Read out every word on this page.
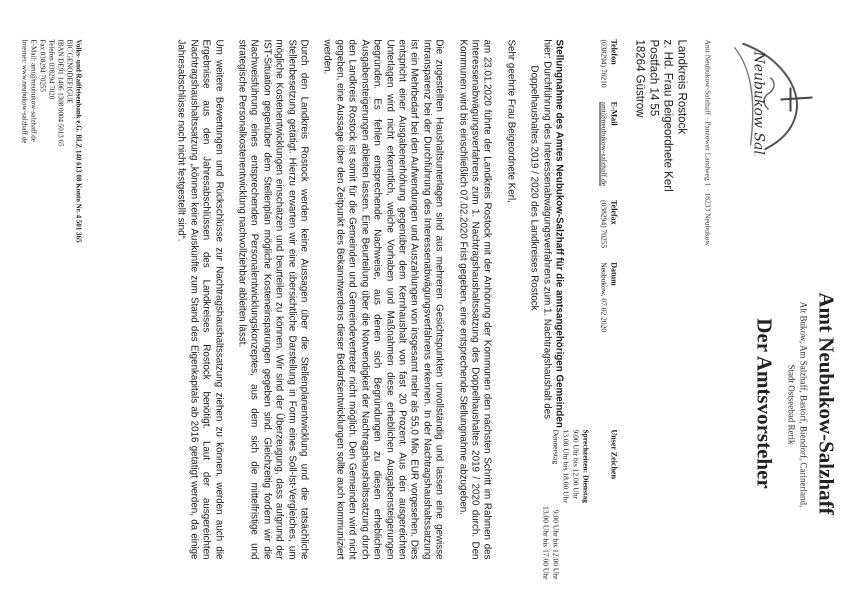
Neubukow Salzhaff
Amt Neubukow-Salzhaff
Alt Bukow, Am Salzhaff, Bastorf, Biendorf, Carinerland,
Stadt Ostseebad Rerik
Der Amtsvorsteher
Amt Neubukow-Salzhaff · Panzower Landweg 1 · 18233 Neubukow
Landkreis Rostock
z. Hd. Frau Beigeordnete Kerl
Postfach 14 55
18264 Güstrow
Telefon
(038294) 70210
E-Mail
amt@neubukow-salzhaff.de
Telefax
(038294) 70255
Datum
Neubukow, 07.02.2020
Unser Zeichen
Sprechzeiten: Dienstag
9.00 Uhr bis 12.00 Uhr
13.00 Uhr bis 18.00 Uhr
Donnerstag
9.00 Uhr bis 12.00 Uhr
13.00 Uhr bis 17.00 Uhr

Stellungnahme des Amtes Neubukow-Salzhaff für die amtsangehörigen Gemeinden
hier: Durchführung des Interessenabwägungsverfahrens zum 1. Nachtragshaushalt des
Doppelhaushaltes 2019 / 2020 des Landkreises Rostock

Sehr geehrte Frau Beigeordnete Kerl,

am 23.01.2020 führte der Landkreis Rostock mit der Anhörung der Kommunen den nächsten Schritt im Rahmen des Interessenabwägungsverfahrens zum 1. Nachtragshaushaltssatzung des Doppelhaushaltes 2019 / 2020 durch. Den Kommunen wird bis einschließlich 07.02.2020 Frist gegeben, eine entsprechende Stellungnahme abzugeben.

Die zugestellten Haushaltsunterlagen sind aus mehreren Gesichtspunkten unvollständig und lassen eine gewisse Intransparenz bei der Durchführung des Interessenabwägungsverfahrens erkennen. In der Nachtragshaushaltssatzung ist ein Mehrbedarf bei den Aufwendungen und Auszahlungen von insgesamt mehr als 55,0 Mio. EUR vorgesehen. Dies entspricht einer Ausgabenerhöhung gegenüber dem Kernhaushalt von fast 20 Prozent. Aus den ausgereichten Unterlagen wird nicht erkenntlich, welche Vorhaben und Maßnahmen diese erheblichen Ausgabensteigerungen begründen. Es fehlen entsprechende Nachweise, aus denen sich Begründungen zu diesen erheblichen Ausgabensteigerungen ableiten lassen. Eine Beurteilung über die Notwendigkeit der Nachtragshaushaltssatzung durch den Landkreis Rostock ist somit für die Gemeinden und Gemeindevertreter nicht möglich. Den Gemeinden wird nicht gegeben, eine Aussage über den Zeitpunkt des Bekanntwerdens dieser Bedarfsentwicklungen sollte auch kommuniziert werden.

Durch den Landkreis Rostock werden keine Aussagen über die Stellenplanentwicklung und die tatsächliche Stellenbesetzung getätigt. Hierzu erwarten wir eine übersichtliche Darstellung in Form eines Soll-Ist-Vergleiches, um mögliche Kostenentwicklungen einschätzen und beurteilen zu können. Wir sind der Überzeugung, dass aufgrund der IST-Situation gegenüber dem Stellenplan mögliche Kosteneinsparungen gegeben sind. Gleichzeitig fordern wir die Nachweisführung eines entsprechenden Personalentwicklungskonzeptes, aus dem sich die mittelfristige und strategische Personalkostenentwicklung nachvollziehbar ableiten lässt.

Um weitere Bewertungen und Rückschlüsse zur Nachtragshaushaltssatzung ziehen zu können, werden auch die Ergebnisse aus den Jahresabschlüssen des Landkreises Rostock benötigt. Laut der ausgereichten Nachtragshaushaltssatzung „können keine Auskünfte zum Stand des Eigenkapitals ab 2016 getätigt werden, da einige Jahresabschlüsse noch nicht festgestellt sind“.

Volks- und Raiffeisenbank e.G. BLZ 140 613 08 Konto Nr. 4 501 365
BIC GENODEF1GUE
IBAN DE91 1406 1308 0004 5013 65
Telefon 038294 7020
Fax 038294 70255
E-Mail: amt@neubukow-salzhaff.de
Internet: www.neubukow-salzhaff.de
